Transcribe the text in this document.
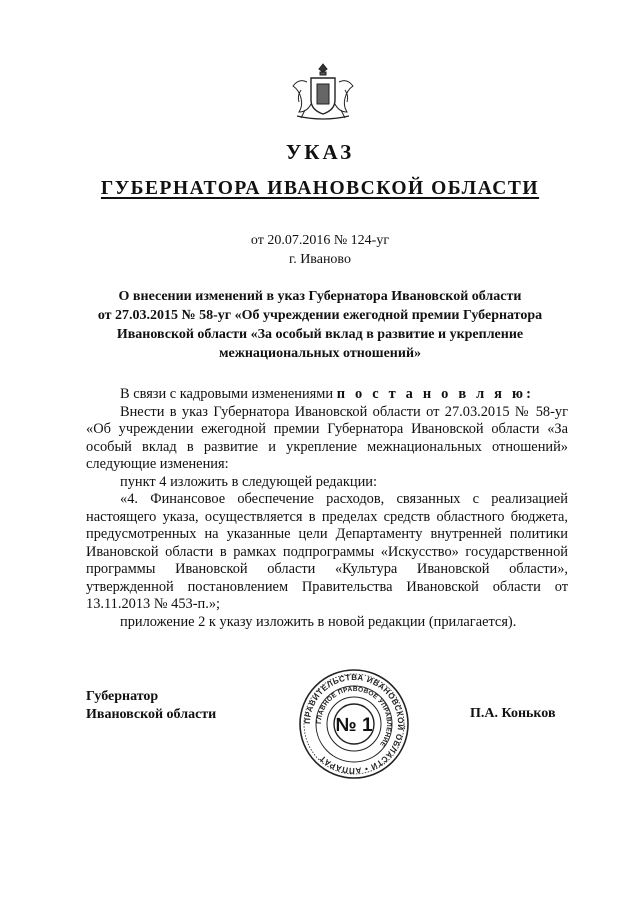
УКАЗ
ГУБЕРНАТОРА ИВАНОВСКОЙ ОБЛАСТИ
от 20.07.2016 № 124-уг
г. Иваново
О внесении изменений в указ Губернатора Ивановской области
от 27.03.2015 № 58-уг «Об учреждении ежегодной премии Губернатора
Ивановской области «За особый вклад в развитие и укрепление
межнациональных отношений»

В связи с кадровыми изменениями п о с т а н о в л я ю:

Внести в указ Губернатора Ивановской области от 27.03.2015 № 58-уг «Об учреждении ежегодной премии Губернатора Ивановской области «За особый вклад в развитие и укрепление межнациональных отношений» следующие изменения:

пункт 4 изложить в следующей редакции:

«4. Финансовое обеспечение расходов, связанных с реализацией настоящего указа, осуществляется в пределах средств областного бюджета, предусмотренных на указанные цели Департаменту внутренней политики Ивановской области в рамках подпрограммы «Искусство» государственной программы Ивановской области «Культура Ивановской области», утвержденной постановлением Правительства Ивановской области от 13.11.2013 № 453-п.»;

приложение 2 к указу изложить в новой редакции (прилагается).

Губернатор
Ивановской области	ПРАВИТЕЛЬСТВА ИВАНОВСКОЙ ОБЛАСТИ • АППАРАТ
ГЛАВНОЕ ПРАВОВОЕ УПРАВЛЕНИЕ
№ 1
П.А. Коньков
